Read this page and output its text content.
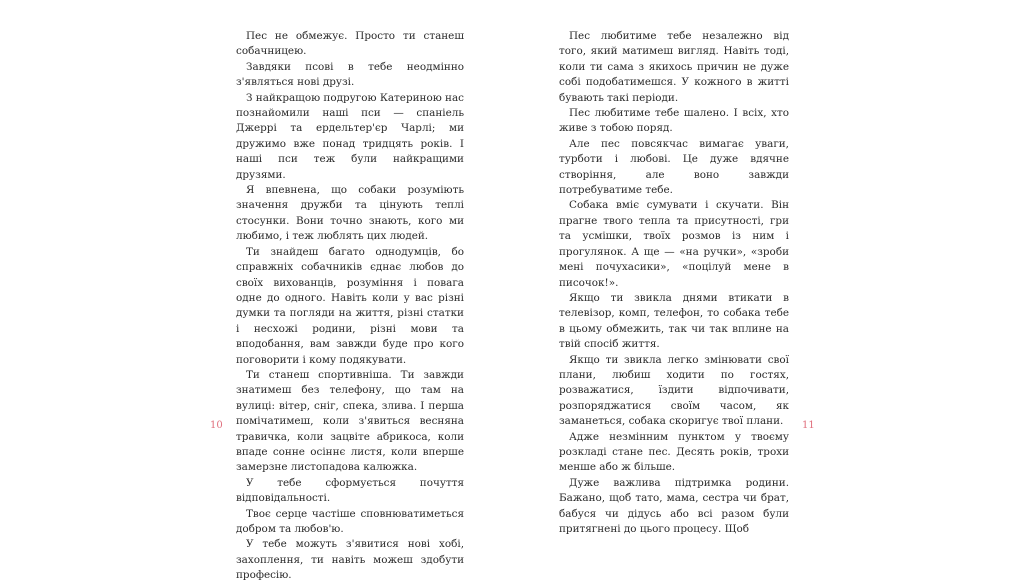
Пес не обмежує. Просто ти станеш собачницею.

Завдяки псові в тебе неодмінно з'являться нові друзі.

З найкращою подругою Катериною нас познайомили наші пси — спаніель Джеррі та ердельтер'єр Чарлі; ми дружимо вже понад тридцять років. І наші пси теж були найкращими друзями.

Я впевнена, що собаки розуміють значення дружби та цінують теплі стосунки. Вони точно знають, кого ми любимо, і теж люблять цих людей.

Ти знайдеш багато однодумців, бо справжніх собачників єднає любов до своїх вихованців, розуміння і повага одне до одного. Навіть коли у вас різні думки та погляди на життя, різні статки і несхожі родини, різні мови та вподобання, вам завжди буде про кого поговорити і кому подякувати.

Ти станеш спортивніша. Ти завжди знатимеш без телефону, що там на вулиці: вітер, сніг, спека, злива. І перша помічатимеш, коли з'явиться весняна травичка, коли зацвіте абрикоса, коли впаде сонне осіннє листя, коли вперше замерзне листопадова калюжка.

У тебе сформується почуття відповідальності.

Твоє серце частіше сповнюватиметься добром та любов'ю.

У тебе можуть з'явитися нові хобі, захоплення, ти навіть можеш здобути професію.

10

Пес любитиме тебе незалежно від того, який матимеш вигляд. Навіть тоді, коли ти сама з якихось причин не дуже собі подобатимешся. У кожного в житті бувають такі періоди.

Пес любитиме тебе шалено. І всіх, хто живе з тобою поряд.

Але пес повсякчас вимагає уваги, турботи і любові. Це дуже вдячне створіння, але воно завжди потребуватиме тебе.

Собака вміє сумувати і скучати. Він прагне твого тепла та присутності, гри та усмішки, твоїх розмов із ним і прогулянок. А ще — «на ручки», «зроби мені почухасики», «поцілуй мене в писочок!».

Якщо ти звикла днями втикати в телевізор, комп, телефон, то собака тебе в цьому обмежить, так чи так вплине на твій спосіб життя.

Якщо ти звикла легко змінювати свої плани, любиш ходити по гостях, розважатися, їздити відпочивати, розпоряджатися своїм часом, як заманеться, собака скоригує твої плани.

Адже незмінним пунктом у твоєму розкладі стане пес. Десять років, трохи менше або ж більше.

Дуже важлива підтримка родини. Бажано, щоб тато, мама, сестра чи брат, бабуся чи дідусь або всі разом були притягнені до цього процесу. Щоб

11
